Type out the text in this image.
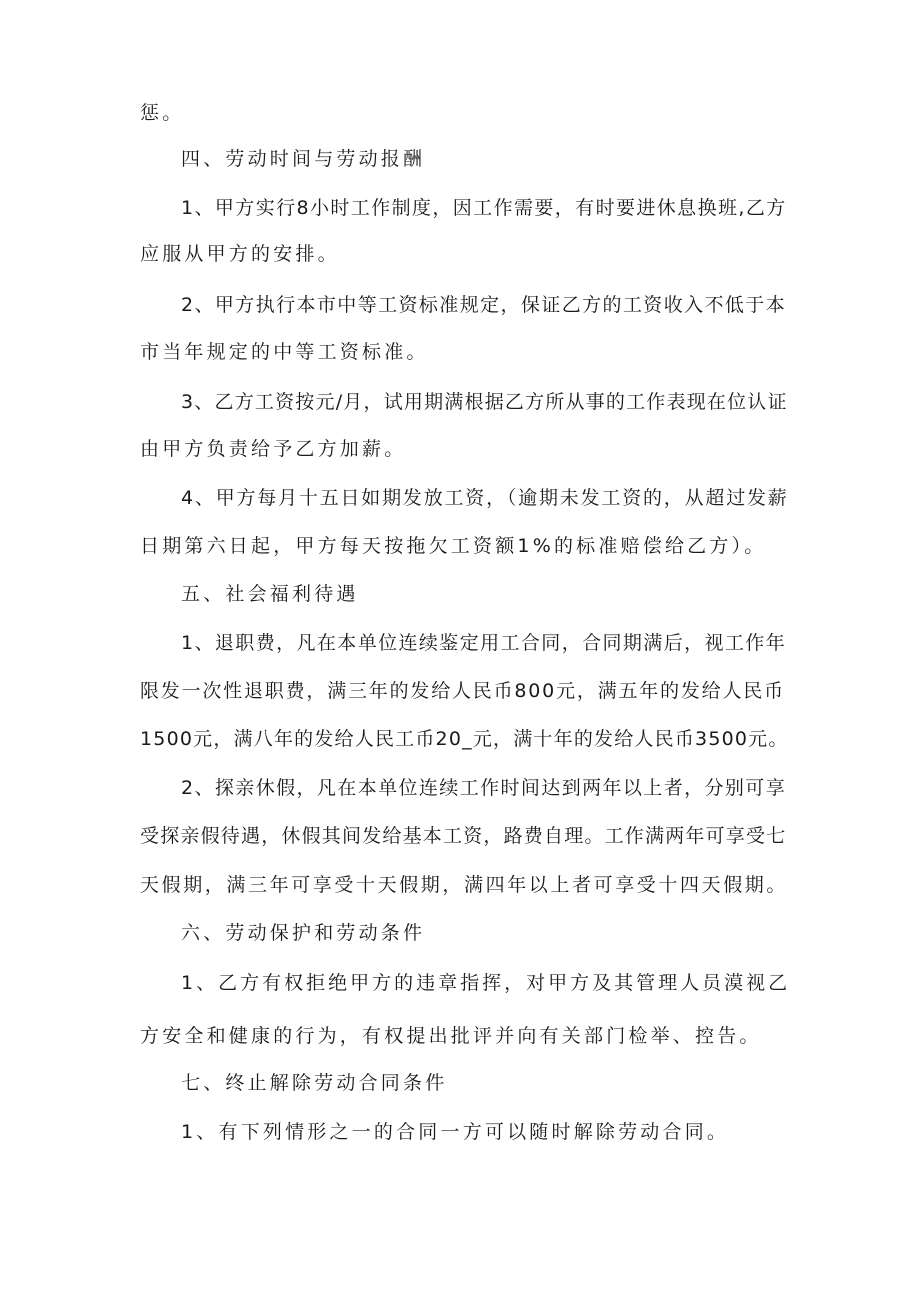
惩。

四、劳动时间与劳动报酬

1、甲方实行8小时工作制度，因工作需要，有时要进休息换班,乙方

应服从甲方的安排。

2、甲方执行本市中等工资标准规定，保证乙方的工资收入不低于本

市当年规定的中等工资标准。

3、乙方工资按元/月，试用期满根据乙方所从事的工作表现在位认证

由甲方负责给予乙方加薪。

4、甲方每月十五日如期发放工资，（逾期未发工资的，从超过发薪

日期第六日起，甲方每天按拖欠工资额1%的标准赔偿给乙方）。

五、社会福利待遇

1、退职费，凡在本单位连续鉴定用工合同，合同期满后，视工作年

限发一次性退职费，满三年的发给人民币800元，满五年的发给人民币

1500元，满八年的发给人民工币20_元，满十年的发给人民币3500元。

2、探亲休假，凡在本单位连续工作时间达到两年以上者，分别可享

受探亲假待遇，休假其间发给基本工资，路费自理。工作满两年可享受七

天假期，满三年可享受十天假期，满四年以上者可享受十四天假期。

六、劳动保护和劳动条件

1、乙方有权拒绝甲方的违章指挥，对甲方及其管理人员漠视乙

方安全和健康的行为，有权提出批评并向有关部门检举、控告。

七、终止解除劳动合同条件

1、有下列情形之一的合同一方可以随时解除劳动合同。
